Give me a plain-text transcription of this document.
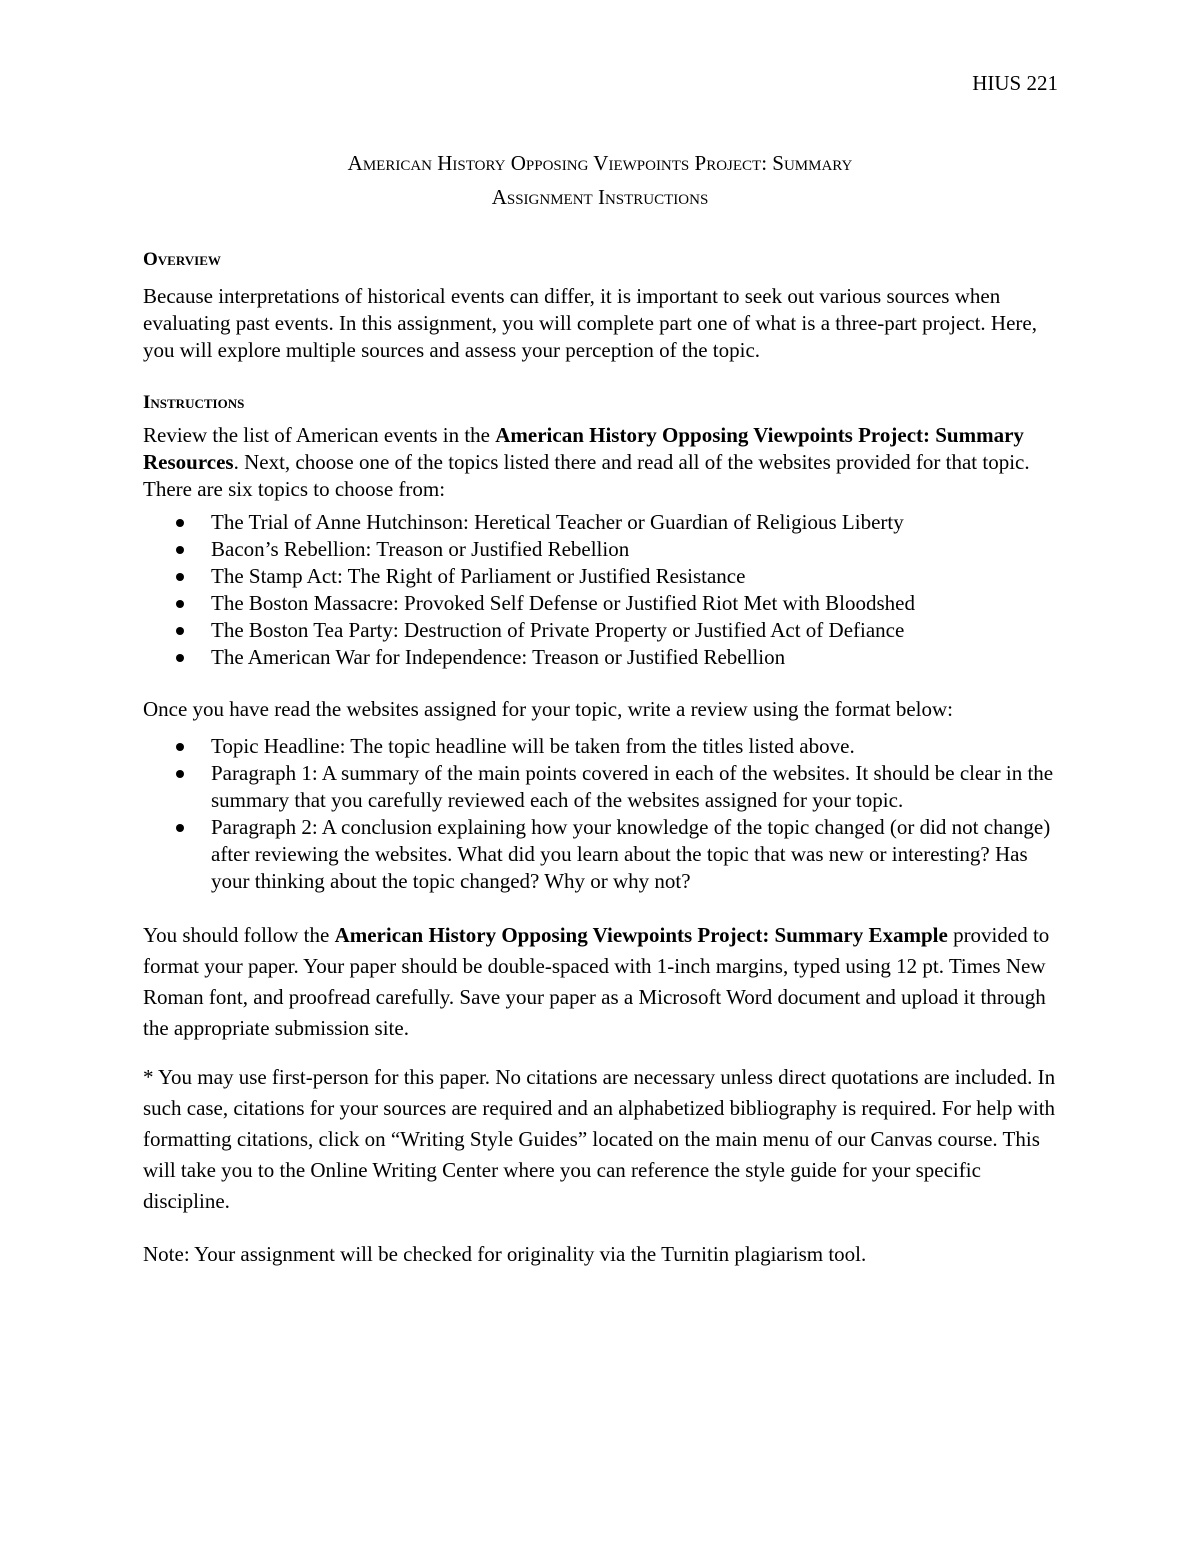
HIUS 221
American History Opposing Viewpoints Project: Summary
Assignment Instructions
Overview

Because interpretations of historical events can differ, it is important to seek out various sources when evaluating past events. In this assignment, you will complete part one of what is a three-part project. Here, you will explore multiple sources and assess your perception of the topic.

Instructions

Review the list of American events in the American History Opposing Viewpoints Project: Summary Resources. Next, choose one of the topics listed there and read all of the websites provided for that topic. There are six topics to choose from:

The Trial of Anne Hutchinson: Heretical Teacher or Guardian of Religious Liberty
Bacon’s Rebellion: Treason or Justified Rebellion
The Stamp Act: The Right of Parliament or Justified Resistance
The Boston Massacre: Provoked Self Defense or Justified Riot Met with Bloodshed
The Boston Tea Party: Destruction of Private Property or Justified Act of Defiance
The American War for Independence: Treason or Justified Rebellion

Once you have read the websites assigned for your topic, write a review using the format below:

Topic Headline: The topic headline will be taken from the titles listed above.
Paragraph 1: A summary of the main points covered in each of the websites. It should be clear in the summary that you carefully reviewed each of the websites assigned for your topic.
Paragraph 2: A conclusion explaining how your knowledge of the topic changed (or did not change) after reviewing the websites. What did you learn about the topic that was new or interesting? Has your thinking about the topic changed? Why or why not?

You should follow the American History Opposing Viewpoints Project: Summary Example provided to format your paper. Your paper should be double-spaced with 1-inch margins, typed using 12 pt. Times New Roman font, and proofread carefully. Save your paper as a Microsoft Word document and upload it through the appropriate submission site.

* You may use first-person for this paper. No citations are necessary unless direct quotations are included. In such case, citations for your sources are required and an alphabetized bibliography is required. For help with formatting citations, click on “Writing Style Guides” located on the main menu of our Canvas course. This will take you to the Online Writing Center where you can reference the style guide for your specific discipline.

Note: Your assignment will be checked for originality via the Turnitin plagiarism tool.
